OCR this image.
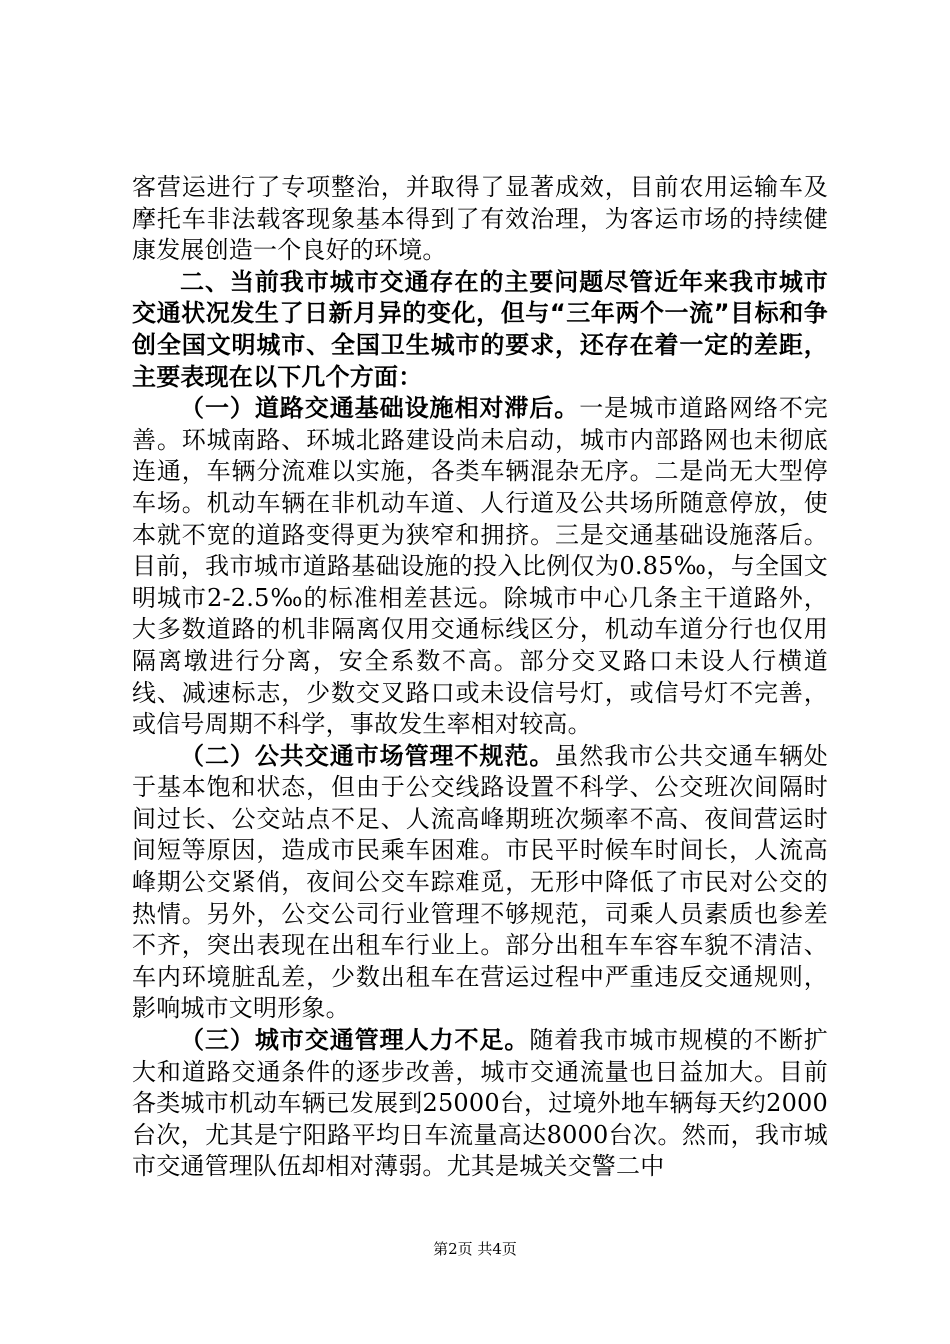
客营运进行了专项整治，并取得了显著成效，目前农用运输车及摩托车非法载客现象基本得到了有效治理，为客运市场的持续健康发展创造一个良好的环境。

二、当前我市城市交通存在的主要问题尽管近年来我市城市交通状况发生了日新月异的变化，但与“三年两个一流”目标和争创全国文明城市、全国卫生城市的要求，还存在着一定的差距，主要表现在以下几个方面：

（一）道路交通基础设施相对滞后。一是城市道路网络不完善。环城南路、环城北路建设尚未启动，城市内部路网也未彻底连通，车辆分流难以实施，各类车辆混杂无序。二是尚无大型停车场。机动车辆在非机动车道、人行道及公共场所随意停放，使本就不宽的道路变得更为狭窄和拥挤。三是交通基础设施落后。目前，我市城市道路基础设施的投入比例仅为0.85‰，与全国文明城市2-2.5‰的标准相差甚远。除城市中心几条主干道路外，大多数道路的机非隔离仅用交通标线区分，机动车道分行也仅用隔离墩进行分离，安全系数不高。部分交叉路口未设人行横道线、减速标志，少数交叉路口或未设信号灯，或信号灯不完善，或信号周期不科学，事故发生率相对较高。

（二）公共交通市场管理不规范。虽然我市公共交通车辆处于基本饱和状态，但由于公交线路设置不科学、公交班次间隔时间过长、公交站点不足、人流高峰期班次频率不高、夜间营运时间短等原因，造成市民乘车困难。市民平时候车时间长，人流高峰期公交紧俏，夜间公交车踪难觅，无形中降低了市民对公交的热情。另外，公交公司行业管理不够规范，司乘人员素质也参差不齐，突出表现在出租车行业上。部分出租车车容车貌不清洁、车内环境脏乱差，少数出租车在营运过程中严重违反交通规则，影响城市文明形象。

（三）城市交通管理人力不足。随着我市城市规模的不断扩大和道路交通条件的逐步改善，城市交通流量也日益加大。目前各类城市机动车辆已发展到25000台，过境外地车辆每天约2000台次，尤其是宁阳路平均日车流量高达8000台次。然而，我市城市交通管理队伍却相对薄弱。尤其是城关交警二中

第2页 共4页
